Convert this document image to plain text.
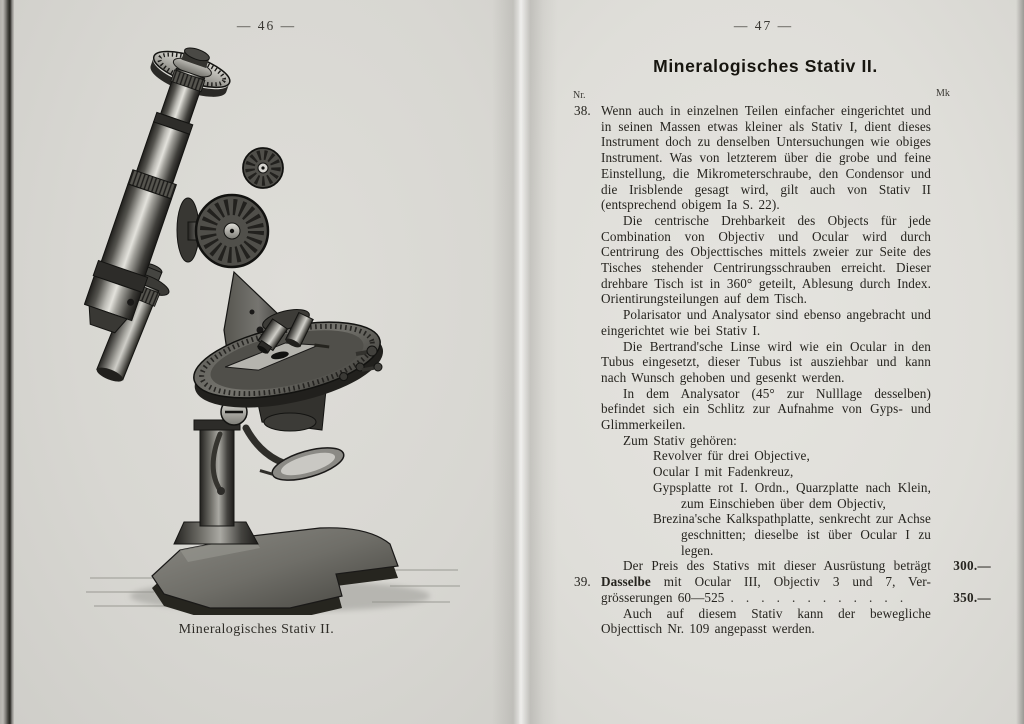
— 46 —
Mineralogisches Stativ II.
— 47 —
Mineralogisches Stativ II.
Nr.	Mk
38. Wenn auch in einzelnen Teilen einfacher eingerichtet und in seinen Massen etwas kleiner als Stativ I, dient dieses Instrument doch zu denselben Untersuchungen wie obiges Instrument. Was von letzterem über die grobe und feine Einstellung, die Mikrometerschraube, den Condensor und die Irisblende gesagt wird, gilt auch von Stativ II (entsprechend obigem Ia S. 22).
Die centrische Drehbarkeit des Objects für jede Combination von Objectiv und Ocular wird durch Centrirung des Objecttisches mittels zweier zur Seite des Tisches stehender Centrirungsschrauben erreicht. Dieser drehbare Tisch ist in 360° geteilt, Ablesung durch Index. Orientirungsteilungen auf dem Tisch.
Polarisator und Analysator sind ebenso angebracht und eingerichtet wie bei Stativ I.
Die Bertrand'sche Linse wird wie ein Ocular in den Tubus eingesetzt, dieser Tubus ist ausziehbar und kann nach Wunsch gehoben und gesenkt werden.
In dem Analysator (45° zur Nulllage desselben) befindet sich ein Schlitz zur Aufnahme von Gyps- und Glimmerkeilen.
Zum Stativ gehören:
Revolver für drei Objective,
Ocular I mit Fadenkreuz,
Gypsplatte rot I. Ordn., Quarzplatte nach Klein, zum Einschieben über dem Objectiv,
Brezina'sche Kalkspathplatte, senkrecht zur Achse geschnitten; dieselbe ist über Ocular I zu legen.
Der Preis des Stativs mit dieser Ausrüstung beträgt 300.—
39. Dasselbe mit Ocular III, Objectiv 3 und 7, Ver-
grösserungen 60—525 . . . . . . . . . . . .	350.—
Auch auf diesem Stativ kann der bewegliche Objecttisch Nr. 109 angepasst werden.
